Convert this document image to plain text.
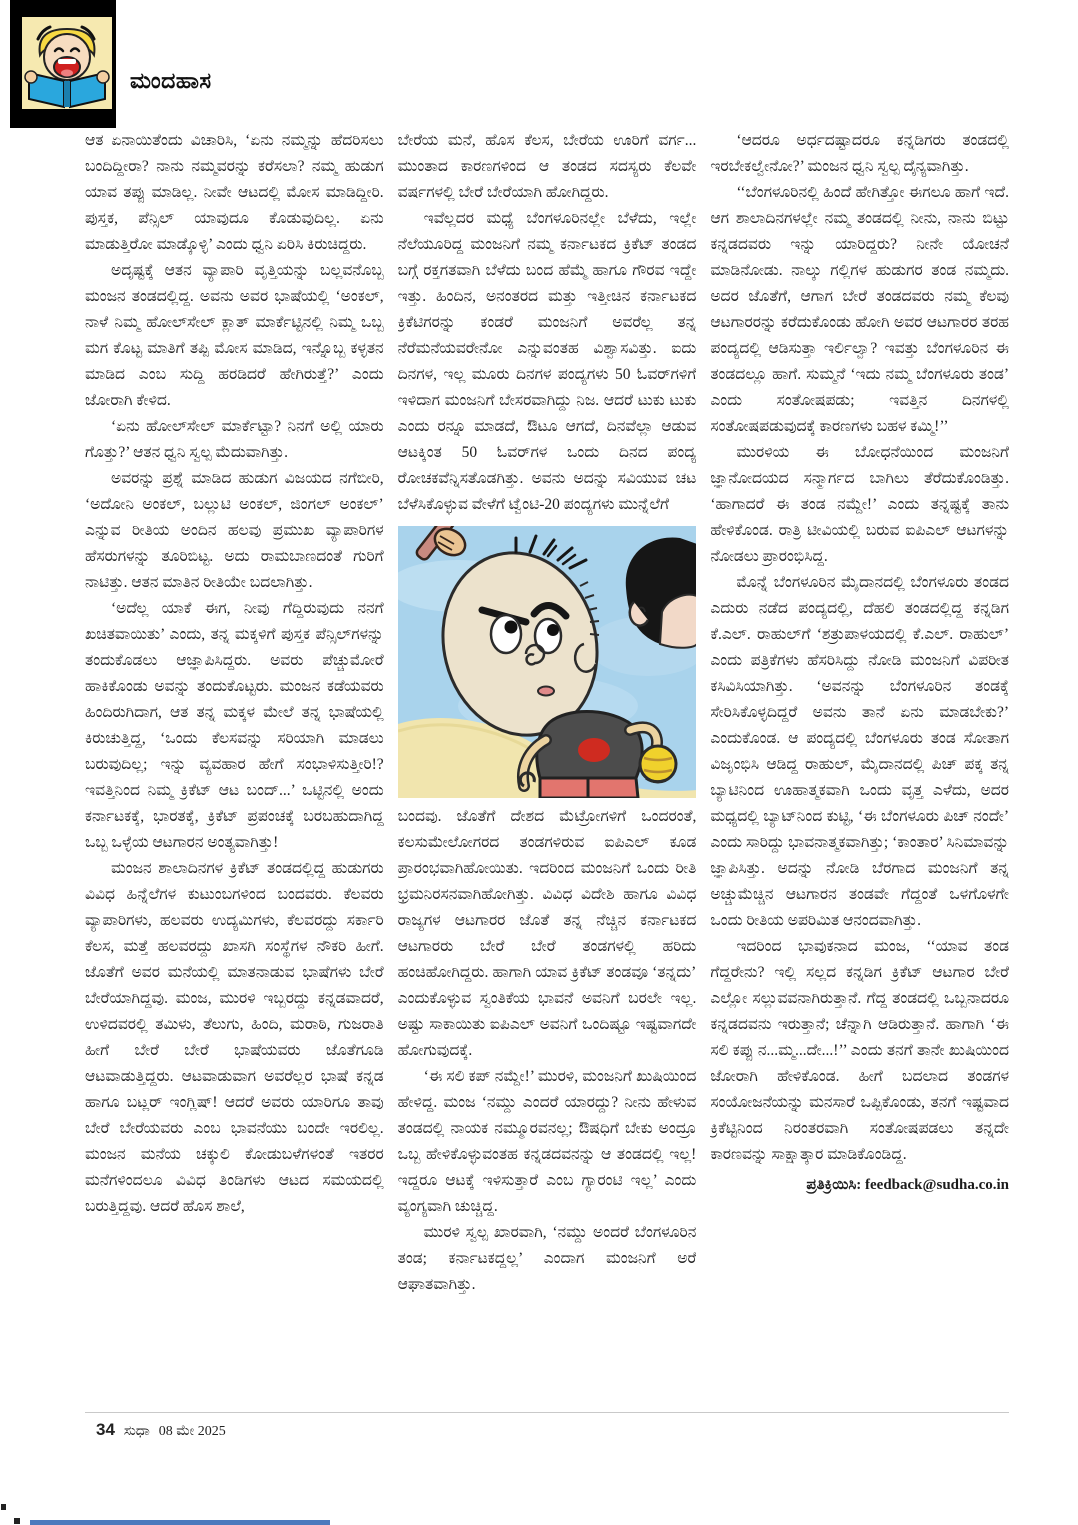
ಮಂದಹಾಸ

ಆತ ಏನಾಯಿತೆಂದು ವಿಚಾರಿಸಿ, ‘ಏನು ನಮ್ಮನ್ನು ಹೆದರಿಸಲು ಬಂದಿದ್ದೀರಾ? ನಾನು ನಮ್ಮವರನ್ನು ಕರೆಸಲಾ? ನಮ್ಮ ಹುಡುಗ ಯಾವ ತಪ್ಪು ಮಾಡಿಲ್ಲ. ನೀವೇ ಆಟದಲ್ಲಿ ಮೋಸ ಮಾಡಿದ್ದೀರಿ. ಪುಸ್ತಕ, ಪೆನ್ಸಿಲ್ ಯಾವುದೂ ಕೊಡುವುದಿಲ್ಲ. ಏನು ಮಾಡುತ್ತಿರೋ ಮಾಡ್ಕೊಳ್ಳಿ’ ಎಂದು ಧ್ವನಿ ಏರಿಸಿ ಕಿರುಚಿದ್ದರು.

ಅದೃಷ್ಟಕ್ಕೆ ಆತನ ವ್ಯಾಪಾರಿ ವೃತ್ತಿಯನ್ನು ಬಲ್ಲವನೊಬ್ಬ ಮಂಜನ ತಂಡದಲ್ಲಿದ್ದ. ಅವನು ಅವರ ಭಾಷೆಯಲ್ಲಿ ‘ಅಂಕಲ್, ನಾಳೆ ನಿಮ್ಮ ಹೋಲ್‌ಸೇಲ್ ಕ್ಲಾತ್ ಮಾರ್ಕೆಟ್ಟಿನಲ್ಲಿ ನಿಮ್ಮ ಒಬ್ಬ ಮಗ ಕೊಟ್ಟ ಮಾತಿಗೆ ತಪ್ಪಿ ಮೋಸ ಮಾಡಿದ, ಇನ್ನೊಬ್ಬ ಕಳ್ಳತನ ಮಾಡಿದ ಎಂಬ ಸುದ್ದಿ ಹರಡಿದರೆ ಹೇಗಿರುತ್ತೆ?’ ಎಂದು ಜೋರಾಗಿ ಕೇಳಿದ.

‘ಏನು ಹೋಲ್‌ಸೇಲ್ ಮಾರ್ಕೆಟ್ಟಾ? ನಿನಗೆ ಅಲ್ಲಿ ಯಾರು ಗೊತ್ತು?’ ಆತನ ಧ್ವನಿ ಸ್ವಲ್ಪ ಮೆದುವಾಗಿತ್ತು.

ಅವರನ್ನು ಪ್ರಶ್ನೆ ಮಾಡಿದ ಹುಡುಗ ವಿಜಯದ ನಗೆಬೀರಿ, ‘ಅದೋನಿ ಅಂಕಲ್, ಬಲ್ಲುಟಿ ಅಂಕಲ್, ಜಿಂಗಲ್ ಅಂಕಲ್’ ಎನ್ನುವ ರೀತಿಯ ಅಂದಿನ ಹಲವು ಪ್ರಮುಖ ವ್ಯಾಪಾರಿಗಳ ಹೆಸರುಗಳನ್ನು ತೂರಿಬಿಟ್ಟ. ಅದು ರಾಮಬಾಣದಂತೆ ಗುರಿಗೆ ನಾಟಿತ್ತು. ಆತನ ಮಾತಿನ ರೀತಿಯೇ ಬದಲಾಗಿತ್ತು.

‘ಅದೆಲ್ಲ ಯಾಕೆ ಈಗ, ನೀವು ಗೆದ್ದಿರುವುದು ನನಗೆ ಖಚಿತವಾಯಿತು’ ಎಂದು, ತನ್ನ ಮಕ್ಕಳಿಗೆ ಪುಸ್ತಕ ಪೆನ್ಸಿಲ್‌ಗಳನ್ನು ತಂದುಕೊಡಲು ಆಜ್ಞಾಪಿಸಿದ್ದರು. ಅವರು ಪೆಚ್ಚುಮೋರೆ ಹಾಕಿಕೊಂಡು ಅವನ್ನು ತಂದುಕೊಟ್ಟರು. ಮಂಜನ ಕಡೆಯವರು ಹಿಂದಿರುಗಿದಾಗ, ಆತ ತನ್ನ ಮಕ್ಕಳ ಮೇಲೆ ತನ್ನ ಭಾಷೆಯಲ್ಲಿ ಕಿರುಚುತ್ತಿದ್ದ, ‘ಒಂದು ಕೆಲಸವನ್ನು ಸರಿಯಾಗಿ ಮಾಡಲು ಬರುವುದಿಲ್ಲ; ಇನ್ನು ವ್ಯವಹಾರ ಹೇಗೆ ಸಂಭಾಳಿಸುತ್ತೀರಿ!? ಇವತ್ತಿನಿಂದ ನಿಮ್ಮ ಕ್ರಿಕೆಟ್ ಆಟ ಬಂದ್...’ ಒಟ್ಟಿನಲ್ಲಿ ಅಂದು ಕರ್ನಾಟಕಕ್ಕೆ, ಭಾರತಕ್ಕೆ, ಕ್ರಿಕೆಟ್ ಪ್ರಪಂಚಕ್ಕೆ ಬರಬಹುದಾಗಿದ್ದ ಒಬ್ಬ ಒಳ್ಳೆಯ ಆಟಗಾರನ ಅಂತ್ಯವಾಗಿತ್ತು!

ಮಂಜನ ಶಾಲಾದಿನಗಳ ಕ್ರಿಕೆಟ್ ತಂಡದಲ್ಲಿದ್ದ ಹುಡುಗರು ವಿವಿಧ ಹಿನ್ನೆಲೆಗಳ ಕುಟುಂಬಗಳಿಂದ ಬಂದವರು. ಕೆಲವರು ವ್ಯಾಪಾರಿಗಳು, ಹಲವರು ಉದ್ಯಮಿಗಳು, ಕೆಲವರದ್ದು ಸರ್ಕಾರಿ ಕೆಲಸ, ಮತ್ತೆ ಹಲವರದ್ದು ಖಾಸಗಿ ಸಂಸ್ಥೆಗಳ ನೌಕರಿ ಹೀಗೆ. ಜೊತೆಗೆ ಅವರ ಮನೆಯಲ್ಲಿ ಮಾತನಾಡುವ ಭಾಷೆಗಳು ಬೇರೆ ಬೇರೆಯಾಗಿದ್ದವು. ಮಂಜ, ಮುರಳಿ ಇಬ್ಬರದ್ದು ಕನ್ನಡವಾದರೆ, ಉಳಿದವರಲ್ಲಿ ತಮಿಳು, ತೆಲುಗು, ಹಿಂದಿ, ಮರಾಠಿ, ಗುಜರಾತಿ ಹೀಗೆ ಬೇರೆ ಬೇರೆ ಭಾಷೆಯವರು ಜೊತೆಗೂಡಿ ಆಟವಾಡುತ್ತಿದ್ದರು. ಆಟವಾಡುವಾಗ ಅವರೆಲ್ಲರ ಭಾಷೆ ಕನ್ನಡ ಹಾಗೂ ಬಟ್ಲರ್ ಇಂಗ್ಲಿಷ್! ಆದರೆ ಅವರು ಯಾರಿಗೂ ತಾವು ಬೇರೆ ಬೇರೆಯವರು ಎಂಬ ಭಾವನೆಯು ಬಂದೇ ಇರಲಿಲ್ಲ. ಮಂಜನ ಮನೆಯ ಚಕ್ಕುಲಿ ಕೋಡುಬಳೆಗಳಂತೆ ಇತರರ ಮನೆಗಳಿಂದಲೂ ವಿವಿಧ ತಿಂಡಿಗಳು ಆಟದ ಸಮಯದಲ್ಲಿ ಬರುತ್ತಿದ್ದವು. ಆದರೆ ಹೊಸ ಶಾಲೆ,

ಬೇರೆಯ ಮನೆ, ಹೊಸ ಕೆಲಸ, ಬೇರೆಯ ಊರಿಗೆ ವರ್ಗ... ಮುಂತಾದ ಕಾರಣಗಳಿಂದ ಆ ತಂಡದ ಸದಸ್ಯರು ಕೆಲವೇ ವರ್ಷಗಳಲ್ಲಿ ಬೇರೆ ಬೇರೆಯಾಗಿ ಹೋಗಿದ್ದರು.

ಇವೆಲ್ಲದರ ಮಧ್ಯೆ ಬೆಂಗಳೂರಿನಲ್ಲೇ ಬೆಳೆದು, ಇಲ್ಲೇ ನೆಲೆಯೂರಿದ್ದ ಮಂಜನಿಗೆ ನಮ್ಮ ಕರ್ನಾಟಕದ ಕ್ರಿಕೆಟ್ ತಂಡದ ಬಗ್ಗೆ ರಕ್ತಗತವಾಗಿ ಬೆಳೆದು ಬಂದ ಹೆಮ್ಮೆ ಹಾಗೂ ಗೌರವ ಇದ್ದೇ ಇತ್ತು. ಹಿಂದಿನ, ಅನಂತರದ ಮತ್ತು ಇತ್ತೀಚಿನ ಕರ್ನಾಟಕದ ಕ್ರಿಕೆಟಿಗರನ್ನು ಕಂಡರೆ ಮಂಜನಿಗೆ ಅವರೆಲ್ಲ ತನ್ನ ನೆರೆಮನೆಯವರೇನೋ ಎನ್ನುವಂತಹ ವಿಶ್ವಾಸವಿತ್ತು. ಐದು ದಿನಗಳ, ಇಲ್ಲ ಮೂರು ದಿನಗಳ ಪಂದ್ಯಗಳು 50 ಓವರ್‌ಗಳಿಗೆ ಇಳಿದಾಗ ಮಂಜನಿಗೆ ಬೇಸರವಾಗಿದ್ದು ನಿಜ. ಆದರೆ ಟುಕು ಟುಕು ಎಂದು ರನ್ನೂ ಮಾಡದೆ, ಔಟೂ ಆಗದೆ, ದಿನವೆಲ್ಲಾ ಆಡುವ ಆಟಕ್ಕಿಂತ 50 ಓವರ್‌ಗಳ ಒಂದು ದಿನದ ಪಂದ್ಯ ರೋಚಕವೆನ್ನಿಸತೊಡಗಿತ್ತು. ಅವನು ಅದನ್ನು ಸವಿಯುವ ಚಟ ಬೆಳೆಸಿಕೊಳ್ಳುವ ವೇಳೆಗೆ ಟ್ವೆಂಟಿ-20 ಪಂದ್ಯಗಳು ಮುನ್ನೆಲೆಗೆ

ಬಂದವು. ಜೊತೆಗೆ ದೇಶದ ಮೆಟ್ರೋಗಳಿಗೆ ಒಂದರಂತೆ, ಕಲಸುಮೇಲೋಗರದ ತಂಡಗಳಿರುವ ಐಪಿಎಲ್ ಕೂಡ ಪ್ರಾರಂಭವಾಗಿಹೋಯಿತು. ಇದರಿಂದ ಮಂಜನಿಗೆ ಒಂದು ರೀತಿ ಭ್ರಮನಿರಸನವಾಗಿಹೋಗಿತ್ತು. ವಿವಿಧ ವಿದೇಶಿ ಹಾಗೂ ವಿವಿಧ ರಾಜ್ಯಗಳ ಆಟಗಾರರ ಜೊತೆ ತನ್ನ ನೆಚ್ಚಿನ ಕರ್ನಾಟಕದ ಆಟಗಾರರು ಬೇರೆ ಬೇರೆ ತಂಡಗಳಲ್ಲಿ ಹರಿದು ಹಂಚಿಹೋಗಿದ್ದರು. ಹಾಗಾಗಿ ಯಾವ ಕ್ರಿಕೆಟ್ ತಂಡವೂ ‘ತನ್ನದು’ ಎಂದುಕೊಳ್ಳುವ ಸ್ವಂತಿಕೆಯ ಭಾವನೆ ಅವನಿಗೆ ಬರಲೇ ಇಲ್ಲ. ಅಷ್ಟು ಸಾಕಾಯಿತು ಐಪಿಎಲ್ ಅವನಿಗೆ ಒಂದಿಷ್ಟೂ ಇಷ್ಟವಾಗದೇ ಹೋಗುವುದಕ್ಕೆ.

‘ಈ ಸಲಿ ಕಪ್ ನಮ್ದೇ!’ ಮುರಳಿ, ಮಂಜನಿಗೆ ಖುಷಿಯಿಂದ ಹೇಳಿದ್ದ. ಮಂಜ ‘ನಮ್ದು ಎಂದರೆ ಯಾರದ್ದು? ನೀನು ಹೇಳುವ ತಂಡದಲ್ಲಿ ನಾಯಕ ನಮ್ಮೂರವನಲ್ಲ; ಔಷಧಿಗೆ ಬೇಕು ಅಂದ್ರೂ ಒಬ್ಬ ಹೇಳಿಕೊಳ್ಳುವಂತಹ ಕನ್ನಡದವನನ್ನು ಆ ತಂಡದಲ್ಲಿ ಇಲ್ಲ! ಇದ್ದರೂ ಆಟಕ್ಕೆ ಇಳಿಸುತ್ತಾರೆ ಎಂಬ ಗ್ಯಾರಂಟಿ ಇಲ್ಲ’ ಎಂದು ವ್ಯಂಗ್ಯವಾಗಿ ಚುಚ್ಚಿದ್ದ.

ಮುರಳಿ ಸ್ವಲ್ಪ ಖಾರವಾಗಿ, ‘ನಮ್ದು ಅಂದರೆ ಬೆಂಗಳೂರಿನ ತಂಡ; ಕರ್ನಾಟಕದ್ದಲ್ಲ’ ಎಂದಾಗ ಮಂಜನಿಗೆ ಅರೆ ಆಘಾತವಾಗಿತ್ತು.

‘ಆದರೂ ಅರ್ಧದಷ್ಟಾದರೂ ಕನ್ನಡಿಗರು ತಂಡದಲ್ಲಿ ಇರಬೇಕಲ್ವೇನೋ?’ ಮಂಜನ ಧ್ವನಿ ಸ್ವಲ್ಪ ದೈನ್ಯವಾಗಿತ್ತು.

‘‘ಬೆಂಗಳೂರಿನಲ್ಲಿ ಹಿಂದೆ ಹೇಗಿತ್ತೋ ಈಗಲೂ ಹಾಗೆ ಇದೆ. ಆಗ ಶಾಲಾದಿನಗಳಲ್ಲೇ ನಮ್ಮ ತಂಡದಲ್ಲಿ ನೀನು, ನಾನು ಬಿಟ್ಟು ಕನ್ನಡದವರು ಇನ್ನು ಯಾರಿದ್ದರು? ನೀನೇ ಯೋಚನೆ ಮಾಡಿನೋಡು. ನಾಲ್ಕು ಗಲ್ಲಿಗಳ ಹುಡುಗರ ತಂಡ ನಮ್ಮದು. ಅದರ ಜೊತೆಗೆ, ಆಗಾಗ ಬೇರೆ ತಂಡದವರು ನಮ್ಮ ಕೆಲವು ಆಟಗಾರರನ್ನು ಕರೆದುಕೊಂಡು ಹೋಗಿ ಅವರ ಆಟಗಾರರ ತರಹ ಪಂದ್ಯದಲ್ಲಿ ಆಡಿಸುತ್ತಾ ಇರ್ಲಿಲ್ವಾ? ಇವತ್ತು ಬೆಂಗಳೂರಿನ ಈ ತಂಡದಲ್ಲೂ ಹಾಗೆ. ಸುಮ್ಮನೆ ‘ಇದು ನಮ್ಮ ಬೆಂಗಳೂರು ತಂಡ’ ಎಂದು ಸಂತೋಷಪಡು; ಇವತ್ತಿನ ದಿನಗಳಲ್ಲಿ ಸಂತೋಷಪಡುವುದಕ್ಕೆ ಕಾರಣಗಳು ಬಹಳ ಕಮ್ಮಿ!’’

ಮುರಳಿಯ ಈ ಬೋಧನೆಯಿಂದ ಮಂಜನಿಗೆ ಜ್ಞಾನೋದಯದ ಸನ್ಮಾರ್ಗದ ಬಾಗಿಲು ತೆರೆದುಕೊಂಡಿತ್ತು. ‘ಹಾಗಾದರೆ ಈ ತಂಡ ನಮ್ದೇ!’ ಎಂದು ತನ್ನಷ್ಟಕ್ಕೆ ತಾನು ಹೇಳಿಕೊಂಡ. ರಾತ್ರಿ ಟೀವಿಯಲ್ಲಿ ಬರುವ ಐಪಿಎಲ್ ಆಟಗಳನ್ನು ನೋಡಲು ಪ್ರಾರಂಭಿಸಿದ್ದ.

ಮೊನ್ನೆ ಬೆಂಗಳೂರಿನ ಮೈದಾನದಲ್ಲಿ ಬೆಂಗಳೂರು ತಂಡದ ಎದುರು ನಡೆದ ಪಂದ್ಯದಲ್ಲಿ, ದೆಹಲಿ ತಂಡದಲ್ಲಿದ್ದ ಕನ್ನಡಿಗ ಕೆ.ಎಲ್. ರಾಹುಲ್‌ಗೆ ‘ಶತ್ರುಪಾಳಯದಲ್ಲಿ ಕೆ.ಎಲ್. ರಾಹುಲ್’ ಎಂದು ಪತ್ರಿಕೆಗಳು ಹೆಸರಿಸಿದ್ದು ನೋಡಿ ಮಂಜನಿಗೆ ವಿಪರೀತ ಕಸಿವಿಸಿಯಾಗಿತ್ತು. ‘ಅವನನ್ನು ಬೆಂಗಳೂರಿನ ತಂಡಕ್ಕೆ ಸೇರಿಸಿಕೊಳ್ಳದಿದ್ದರೆ ಅವನು ತಾನೆ ಏನು ಮಾಡಬೇಕು?’ ಎಂದುಕೊಂಡ. ಆ ಪಂದ್ಯದಲ್ಲಿ ಬೆಂಗಳೂರು ತಂಡ ಸೋತಾಗ ವಿಜೃಂಭಿಸಿ ಆಡಿದ್ದ ರಾಹುಲ್, ಮೈದಾನದಲ್ಲಿ ಪಿಚ್ ಪಕ್ಕ ತನ್ನ ಬ್ಯಾಟಿನಿಂದ ಊಹಾತ್ಮಕವಾಗಿ ಒಂದು ವೃತ್ತ ಎಳೆದು, ಅದರ ಮಧ್ಯದಲ್ಲಿ ಬ್ಯಾಟ್‌ನಿಂದ ಕುಟ್ಟಿ, ‘ಈ ಬೆಂಗಳೂರು ಪಿಚ್ ನಂದೇ’ ಎಂದು ಸಾರಿದ್ದು ಭಾವನಾತ್ಮಕವಾಗಿತ್ತು; ‘ಕಾಂತಾರ’ ಸಿನಿಮಾವನ್ನು ಜ್ಞಾಪಿಸಿತ್ತು. ಅದನ್ನು ನೋಡಿ ಬೆರಗಾದ ಮಂಜನಿಗೆ ತನ್ನ ಅಚ್ಚುಮೆಚ್ಚಿನ ಆಟಗಾರನ ತಂಡವೇ ಗೆದ್ದಂತೆ ಒಳಗೊಳಗೇ ಒಂದು ರೀತಿಯ ಅಪರಿಮಿತ ಆನಂದವಾಗಿತ್ತು.

ಇದರಿಂದ ಭಾವುಕನಾದ ಮಂಜ, ‘‘ಯಾವ ತಂಡ ಗೆದ್ದರೇನು? ಇಲ್ಲಿ ಸಲ್ಲದ ಕನ್ನಡಿಗ ಕ್ರಿಕೆಟ್ ಆಟಗಾರ ಬೇರೆ ಎಲ್ಲೋ ಸಲ್ಲುವವನಾಗಿರುತ್ತಾನೆ. ಗೆದ್ದ ತಂಡದಲ್ಲಿ ಒಬ್ಬನಾದರೂ ಕನ್ನಡದವನು ಇರುತ್ತಾನೆ; ಚೆನ್ನಾಗಿ ಆಡಿರುತ್ತಾನೆ. ಹಾಗಾಗಿ ‘ಈ ಸಲಿ ಕಪ್ಪು ನ...ಮ್ಮ...ದೇ...!’’ ಎಂದು ತನಗೆ ತಾನೇ ಖುಷಿಯಿಂದ ಜೋರಾಗಿ ಹೇಳಿಕೊಂಡ. ಹೀಗೆ ಬದಲಾದ ತಂಡಗಳ ಸಂಯೋಜನೆಯನ್ನು ಮನಸಾರೆ ಒಪ್ಪಿಕೊಂಡು, ತನಗೆ ಇಷ್ಟವಾದ ಕ್ರಿಕೆಟ್ಟಿನಿಂದ ನಿರಂತರವಾಗಿ ಸಂತೋಷಪಡಲು ತನ್ನದೇ ಕಾರಣವನ್ನು ಸಾಕ್ಷಾತ್ಕಾರ ಮಾಡಿಕೊಂಡಿದ್ದ.

ಪ್ರತಿಕ್ರಿಯಿಸಿ: feedback@sudha.co.in

34 ಸುಧಾ 08 ಮೇ 2025
